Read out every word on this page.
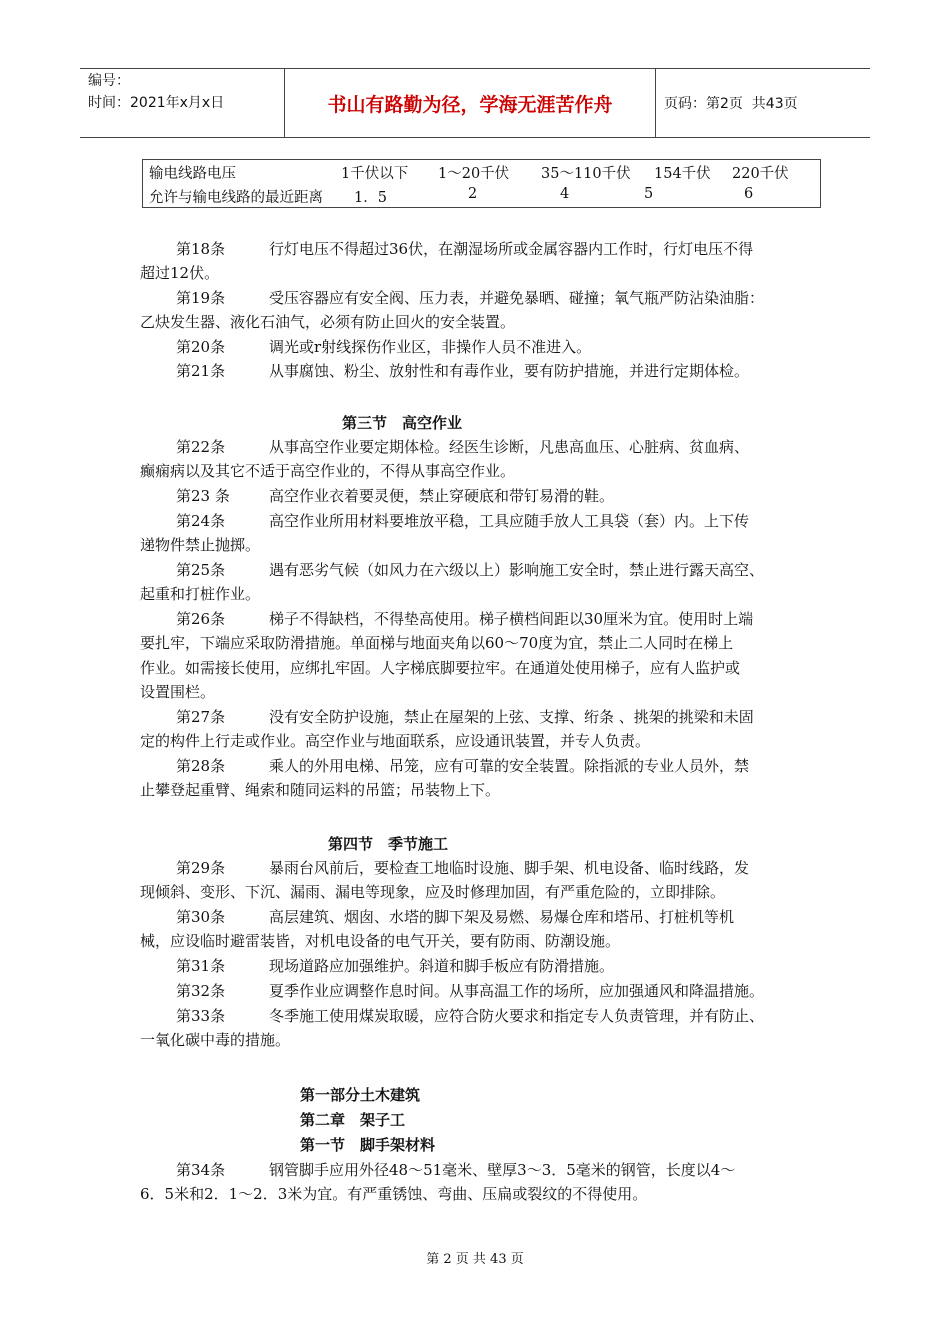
编号：
时间：2021年x月x日	书山有路勤为径，学海无涯苦作舟	页码：第2页  共43页
输电线路电压	1千伏以下 1～20千伏 35～110千伏 154千伏 220千伏
允许与输电线路的最近距离 1．5	2	4	5	6
第18条	行灯电压不得超过36伏，在潮湿场所或金属容器内工作时，行灯电压不得
超过12伏。
第19条	受压容器应有安全阀、压力表，并避免暴晒、碰撞；氧气瓶严防沾染油脂：
乙炔发生器、液化石油气，必须有防止回火的安全装置。
第20条	调光或r射线探伤作业区，非操作人员不准进入。
第21条	从事腐蚀、粉尘、放射性和有毒作业，要有防护措施，并进行定期体检。
第三节　高空作业
第22条	从事高空作业要定期体检。经医生诊断，凡患高血压、心脏病、贫血病、
癫痫病以及其它不适于高空作业的，不得从事高空作业。
第23 条	高空作业衣着要灵便，禁止穿硬底和带钉易滑的鞋。
第24条	高空作业所用材料要堆放平稳，工具应随手放人工具袋（套）内。上下传
递物件禁止抛掷。
第25条	遇有恶劣气候（如风力在六级以上）影响施工安全时，禁止进行露天高空、
起重和打桩作业。
第26条	梯子不得缺档，不得垫高使用。梯子横档间距以30厘米为宜。使用时上端
要扎牢，下端应采取防滑措施。单面梯与地面夹角以60～70度为宜，禁止二人同时在梯上
作业。如需接长使用，应绑扎牢固。人字梯底脚要拉牢。在通道处使用梯子，应有人监护或
设置围栏。
第27条	没有安全防护设施，禁止在屋架的上弦、支撑、绗条 、挑架的挑梁和未固
定的构件上行走或作业。高空作业与地面联系，应设通讯装置，并专人负责。
第28条	乘人的外用电梯、吊笼，应有可靠的安全装置。除指派的专业人员外，禁
止攀登起重臂、绳索和随同运料的吊篮；吊装物上下。
第四节　季节施工
第29条	暴雨台风前后，要检查工地临时设施、脚手架、机电设备、临时线路，发
现倾斜、变形、下沉、漏雨、漏电等现象，应及时修理加固，有严重危险的，立即排除。
第30条	高层建筑、烟囱、水塔的脚下架及易燃、易爆仓库和塔吊、打桩机等机
械，应设临时避雷装皆，对机电设备的电气开关，要有防雨、防潮设施。
第31条	现场道路应加强维护。斜道和脚手板应有防滑措施。
第32条	夏季作业应调整作息时间。从事高温工作的场所，应加强通风和降温措施。
第33条	冬季施工使用煤炭取暖，应符合防火要求和指定专人负责管理，并有防止、
一氧化碳中毒的措施。
第一部分土木建筑
第二章　架子工
第一节　脚手架材料
第34条	钢管脚手应用外径48～51毫米、壁厚3～3．5毫米的钢管，长度以4～
6．5米和2．1～2．3米为宜。有严重锈蚀、弯曲、压扁或裂纹的不得使用。
第 2 页 共 43 页
